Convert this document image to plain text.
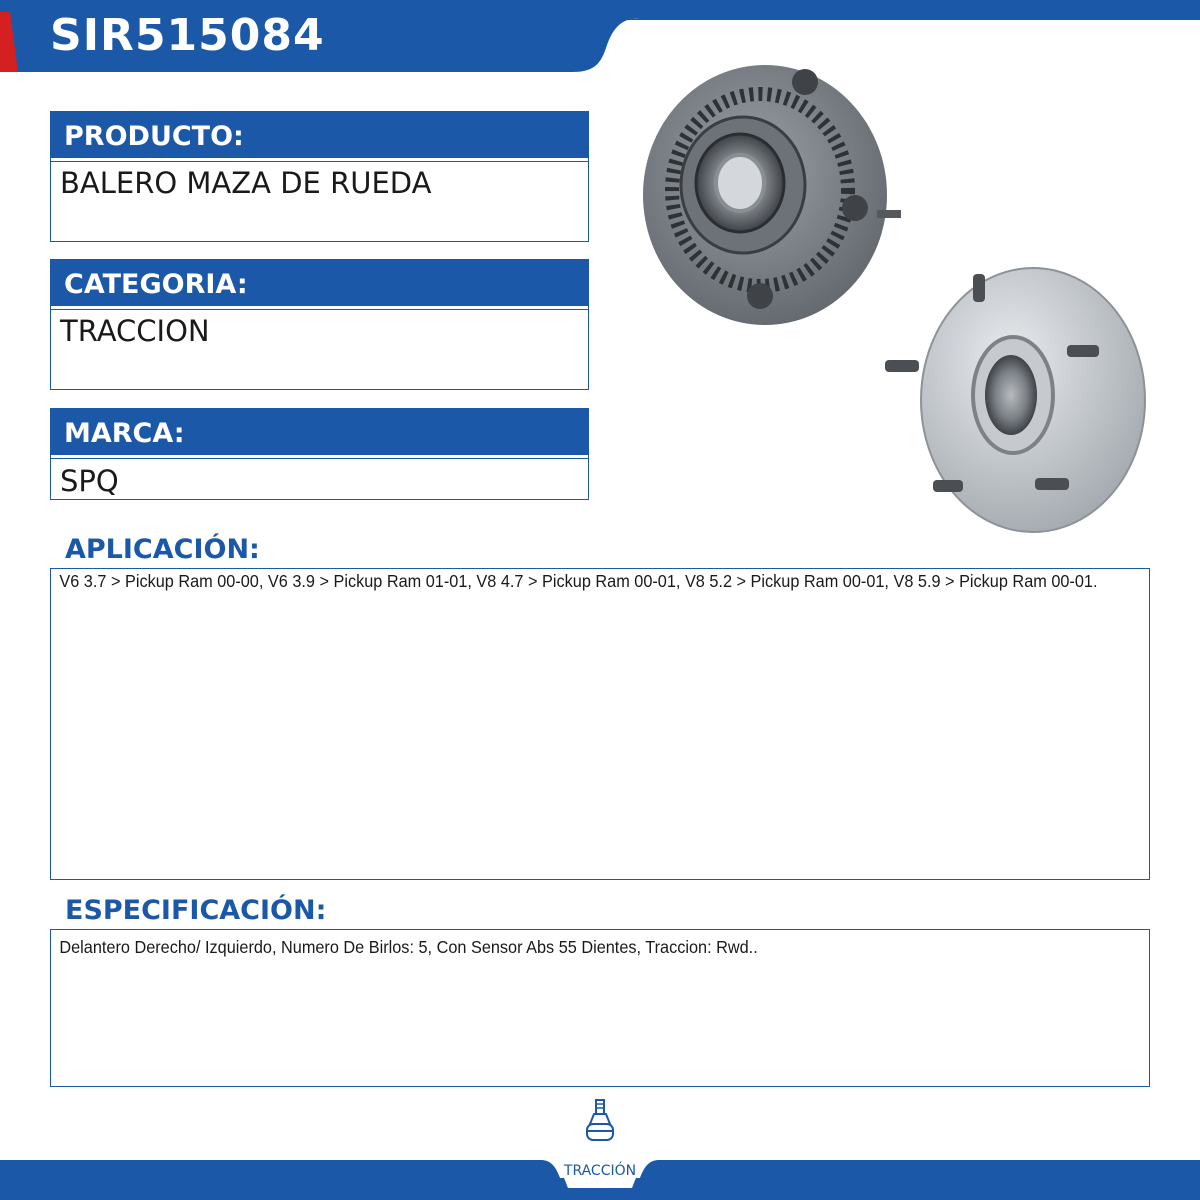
SIR515084
PRODUCTO:
BALERO MAZA DE RUEDA
CATEGORIA:
TRACCION
MARCA:
SPQ
APLICACIÓN:
V6 3.7 > Pickup Ram 00-00, V6 3.9 > Pickup Ram 01-01, V8 4.7 > Pickup Ram 00-01, V8 5.2 > Pickup Ram 00-01, V8 5.9 > Pickup Ram 00-01.
ESPECIFICACIÓN:
Delantero Derecho/ Izquierdo, Numero De Birlos: 5, Con Sensor Abs 55 Dientes, Traccion: Rwd..
TRACCIÓN
